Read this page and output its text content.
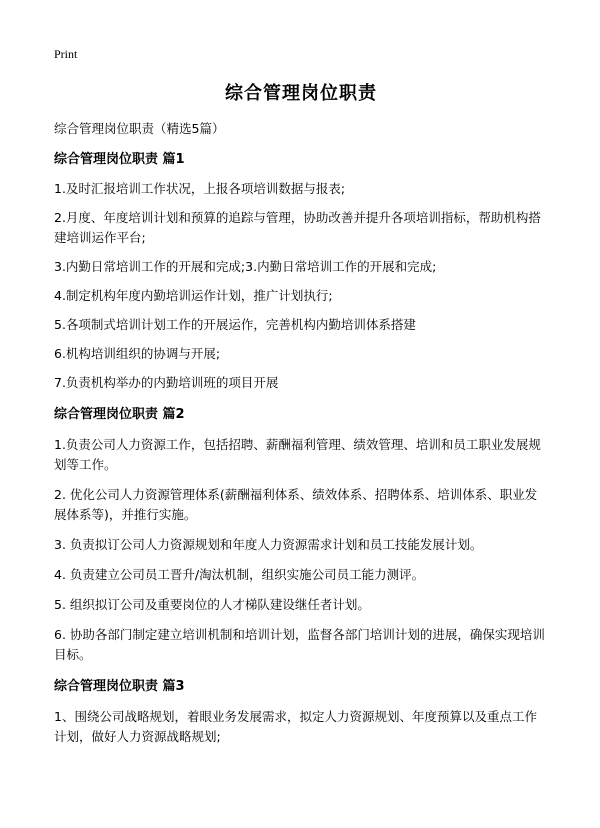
Print
综合管理岗位职责
综合管理岗位职责（精选5篇）
综合管理岗位职责 篇1
1.及时汇报培训工作状况，上报各项培训数据与报表;
2.月度、年度培训计划和预算的追踪与管理，协助改善并提升各项培训指标，帮助机构搭建培训运作平台;
3.内勤日常培训工作的开展和完成;3.内勤日常培训工作的开展和完成;
4.制定机构年度内勤培训运作计划，推广计划执行;
5.各项制式培训计划工作的开展运作，完善机构内勤培训体系搭建
6.机构培训组织的协调与开展;
7.负责机构举办的内勤培训班的项目开展
综合管理岗位职责 篇2
1.负责公司人力资源工作，包括招聘、薪酬福利管理、绩效管理、培训和员工职业发展规划等工作。
2. 优化公司人力资源管理体系(薪酬福利体系、绩效体系、招聘体系、培训体系、职业发展体系等)，并推行实施。
3. 负责拟订公司人力资源规划和年度人力资源需求计划和员工技能发展计划。
4. 负责建立公司员工晋升/淘汰机制，组织实施公司员工能力测评。
5. 组织拟订公司及重要岗位的人才梯队建设继任者计划。
6. 协助各部门制定建立培训机制和培训计划，监督各部门培训计划的进展，确保实现培训目标。
综合管理岗位职责 篇3
1、围绕公司战略规划，着眼业务发展需求，拟定人力资源规划、年度预算以及重点工作计划，做好人力资源战略规划;
